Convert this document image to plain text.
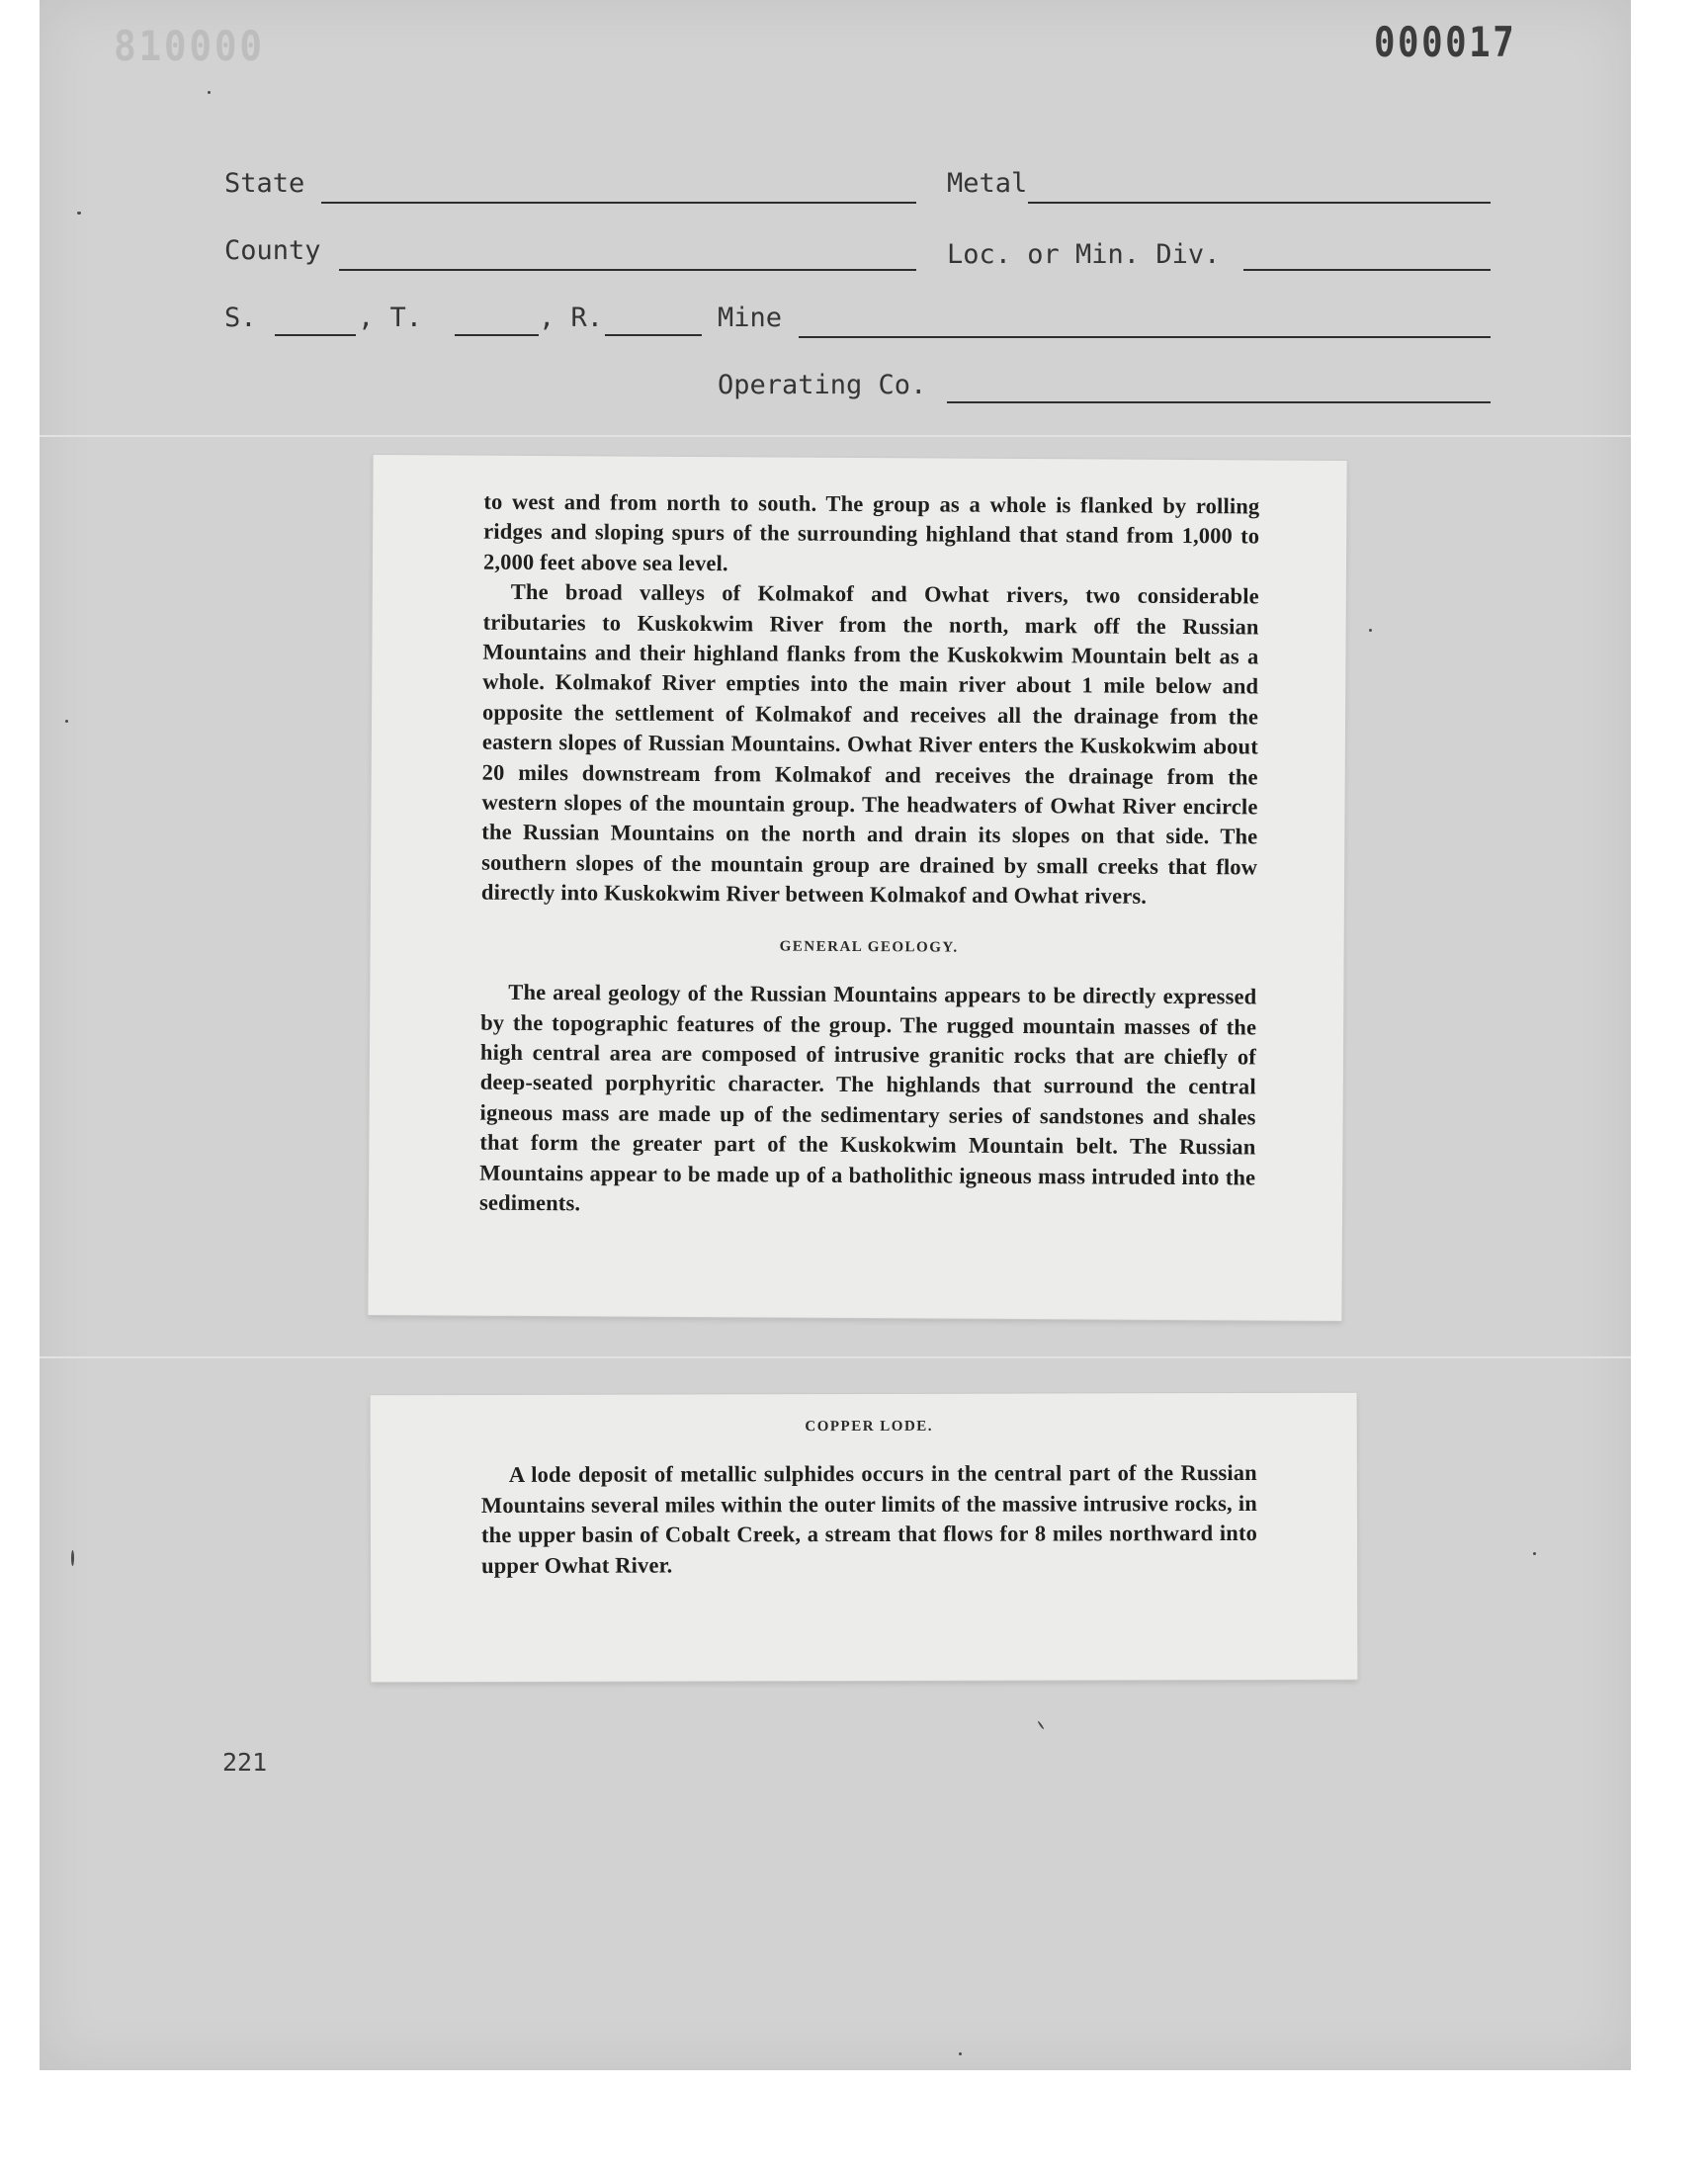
810000	000017
State	Metal
County	Loc. or Min. Div.
S.	, T.	, R.	Mine
Operating Co.

to west and from north to south. The group as a whole is flanked by rolling ridges and sloping spurs of the surrounding highland that stand from 1,000 to 2,000 feet above sea level.

The broad valleys of Kolmakof and Owhat rivers, two considerable tributaries to Kuskokwim River from the north, mark off the Russian Mountains and their highland flanks from the Kuskokwim Mountain belt as a whole. Kolmakof River empties into the main river about 1 mile below and opposite the settlement of Kolmakof and receives all the drainage from the eastern slopes of Russian Mountains. Owhat River enters the Kuskokwim about 20 miles downstream from Kolmakof and receives the drainage from the western slopes of the mountain group. The headwaters of Owhat River encircle the Russian Mountains on the north and drain its slopes on that side. The southern slopes of the mountain group are drained by small creeks that flow directly into Kuskokwim River between Kolmakof and Owhat rivers.

GENERAL GEOLOGY.

The areal geology of the Russian Mountains appears to be directly expressed by the topographic features of the group. The rugged mountain masses of the high central area are composed of intrusive granitic rocks that are chiefly of deep-seated porphyritic character. The highlands that surround the central igneous mass are made up of the sedimentary series of sandstones and shales that form the greater part of the Kuskokwim Mountain belt. The Russian Mountains appear to be made up of a batholithic igneous mass intruded into the sediments.

COPPER LODE.

A lode deposit of metallic sulphides occurs in the central part of the Russian Mountains several miles within the outer limits of the massive intrusive rocks, in the upper basin of Cobalt Creek, a stream that flows for 8 miles northward into upper Owhat River.

221
